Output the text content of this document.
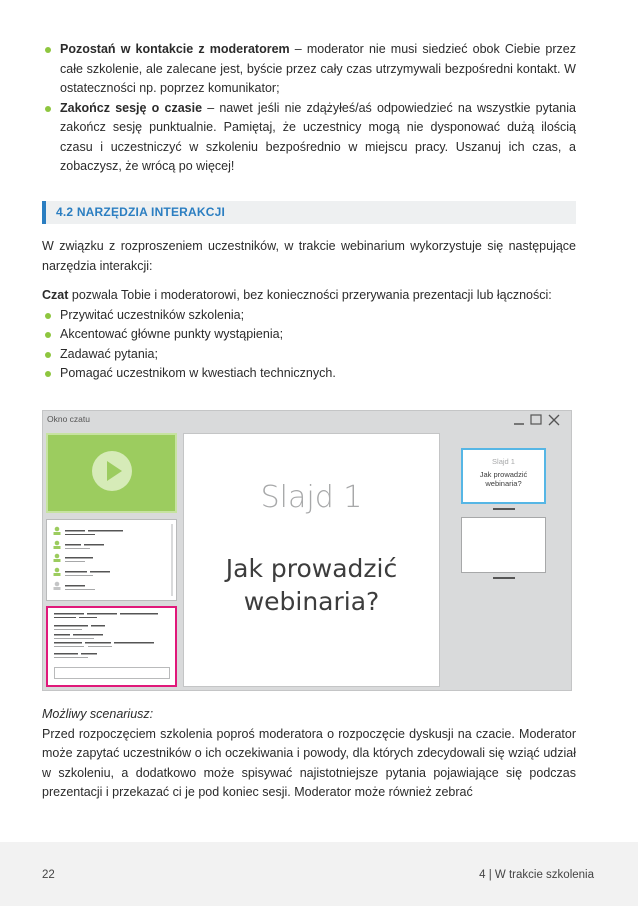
Pozostań w kontakcie z moderatorem – moderator nie musi siedzieć obok Ciebie przez całe szkolenie, ale zalecane jest, byście przez cały czas utrzymywali bezpośredni kontakt. W ostateczności np. poprzez komunikator;
Zakończ sesję o czasie – nawet jeśli nie zdążyłeś/aś odpowiedzieć na wszystkie pytania zakończ sesję punktualnie. Pamiętaj, że uczestnicy mogą nie dysponować dużą ilością czasu i uczestniczyć w szkoleniu bezpośrednio w miejscu pracy. Uszanuj ich czas, a zobaczysz, że wrócą po więcej!
4.2 NARZĘDZIA INTERAKCJI

W związku z rozproszeniem uczestników, w trakcie webinarium wykorzystuje się następujące narzędzia interakcji:

Czat pozwala Tobie i moderatorowi, bez konieczności przerywania prezentacji lub łączności:

Przywitać uczestników szkolenia;
Akcentować główne punkty wystąpienia;
Zadawać pytania;
Pomagać uczestnikom w kwestiach technicznych.
Okno czatu
Slajd 1
Jak prowadzić
webinaria?
Slajd 1
Jak prowadzić
webinaria?

Możliwy scenariusz:

Przed rozpoczęciem szkolenia poproś moderatora o rozpoczęcie dyskusji na czacie. Moderator może zapytać uczestników o ich oczekiwania i powody, dla których zdecydowali się wziąć udział w szkoleniu, a dodatkowo może spisywać najistotniejsze pytania pojawiające się podczas prezentacji i przekazać ci je pod koniec sesji. Moderator może również zebrać

22	4 | W trakcie szkolenia
